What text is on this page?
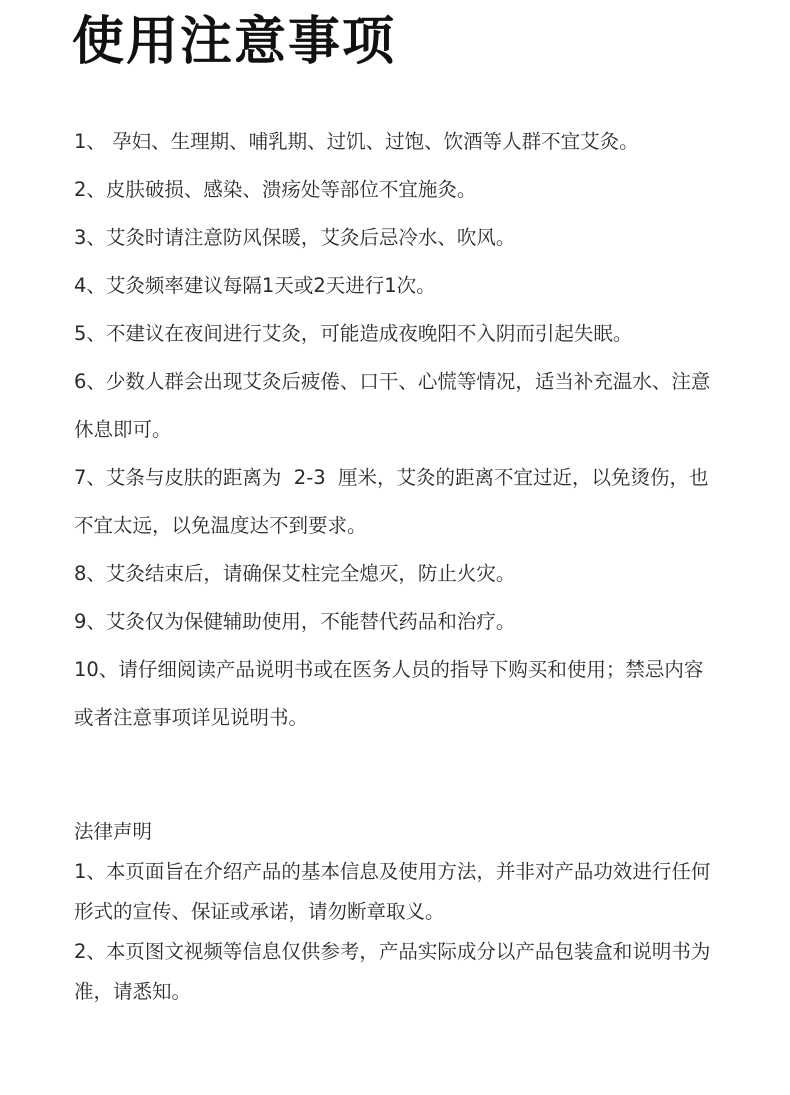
使用注意事项
1、 孕妇、生理期、哺乳期、过饥、过饱、饮酒等人群不宜艾灸。
2、皮肤破损、感染、溃疡处等部位不宜施灸。
3、艾灸时请注意防风保暖，艾灸后忌冷水、吹风。
4、艾灸频率建议每隔1天或2天进行1次。
5、不建议在夜间进行艾灸，可能造成夜晚阳不入阴而引起失眠。
6、少数人群会出现艾灸后疲倦、口干、心慌等情况，适当补充温水、注意休息即可。
7、艾条与皮肤的距离为  2-3  厘米，艾灸的距离不宜过近，以免烫伤，也不宜太远，以免温度达不到要求。
8、艾灸结束后，请确保艾柱完全熄灭，防止火灾。
9、艾灸仅为保健辅助使用，不能替代药品和治疗。
10、请仔细阅读产品说明书或在医务人员的指导下购买和使用；禁忌内容或者注意事项详见说明书。
法律声明

1、本页面旨在介绍产品的基本信息及使用方法，并非对产品功效进行任何形式的宣传、保证或承诺，请勿断章取义。

2、本页图文视频等信息仅供参考，产品实际成分以产品包装盒和说明书为准，请悉知。
